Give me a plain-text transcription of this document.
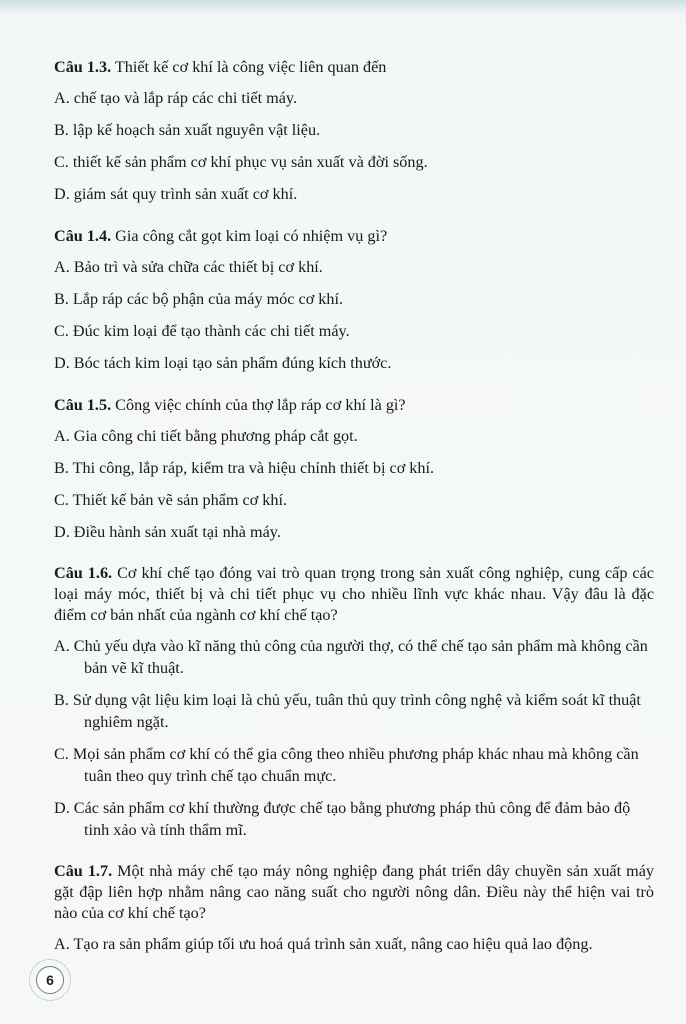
Câu 1.3. Thiết kế cơ khí là công việc liên quan đến

A. chế tạo và lắp ráp các chi tiết máy.

B. lập kế hoạch sản xuất nguyên vật liệu.

C. thiết kế sản phẩm cơ khí phục vụ sản xuất và đời sống.

D. giám sát quy trình sản xuất cơ khí.

Câu 1.4. Gia công cắt gọt kim loại có nhiệm vụ gì?

A. Bảo trì và sửa chữa các thiết bị cơ khí.

B. Lắp ráp các bộ phận của máy móc cơ khí.

C. Đúc kim loại để tạo thành các chi tiết máy.

D. Bóc tách kim loại tạo sản phẩm đúng kích thước.

Câu 1.5. Công việc chính của thợ lắp ráp cơ khí là gì?

A. Gia công chi tiết bằng phương pháp cắt gọt.

B. Thi công, lắp ráp, kiểm tra và hiệu chỉnh thiết bị cơ khí.

C. Thiết kế bản vẽ sản phẩm cơ khí.

D. Điều hành sản xuất tại nhà máy.

Câu 1.6. Cơ khí chế tạo đóng vai trò quan trọng trong sản xuất công nghiệp, cung cấp các loại máy móc, thiết bị và chi tiết phục vụ cho nhiều lĩnh vực khác nhau. Vậy đâu là đặc điểm cơ bản nhất của ngành cơ khí chế tạo?

A. Chủ yếu dựa vào kĩ năng thủ công của người thợ, có thể chế tạo sản phẩm mà không cần bản vẽ kĩ thuật.

B. Sử dụng vật liệu kim loại là chủ yếu, tuân thủ quy trình công nghệ và kiểm soát kĩ thuật nghiêm ngặt.

C. Mọi sản phẩm cơ khí có thể gia công theo nhiều phương pháp khác nhau mà không cần tuân theo quy trình chế tạo chuẩn mực.

D. Các sản phẩm cơ khí thường được chế tạo bằng phương pháp thủ công để đảm bảo độ tinh xảo và tính thẩm mĩ.

Câu 1.7. Một nhà máy chế tạo máy nông nghiệp đang phát triển dây chuyền sản xuất máy gặt đập liên hợp nhằm nâng cao năng suất cho người nông dân. Điều này thể hiện vai trò nào của cơ khí chế tạo?

A. Tạo ra sản phẩm giúp tối ưu hoá quá trình sản xuất, nâng cao hiệu quả lao động.

6
